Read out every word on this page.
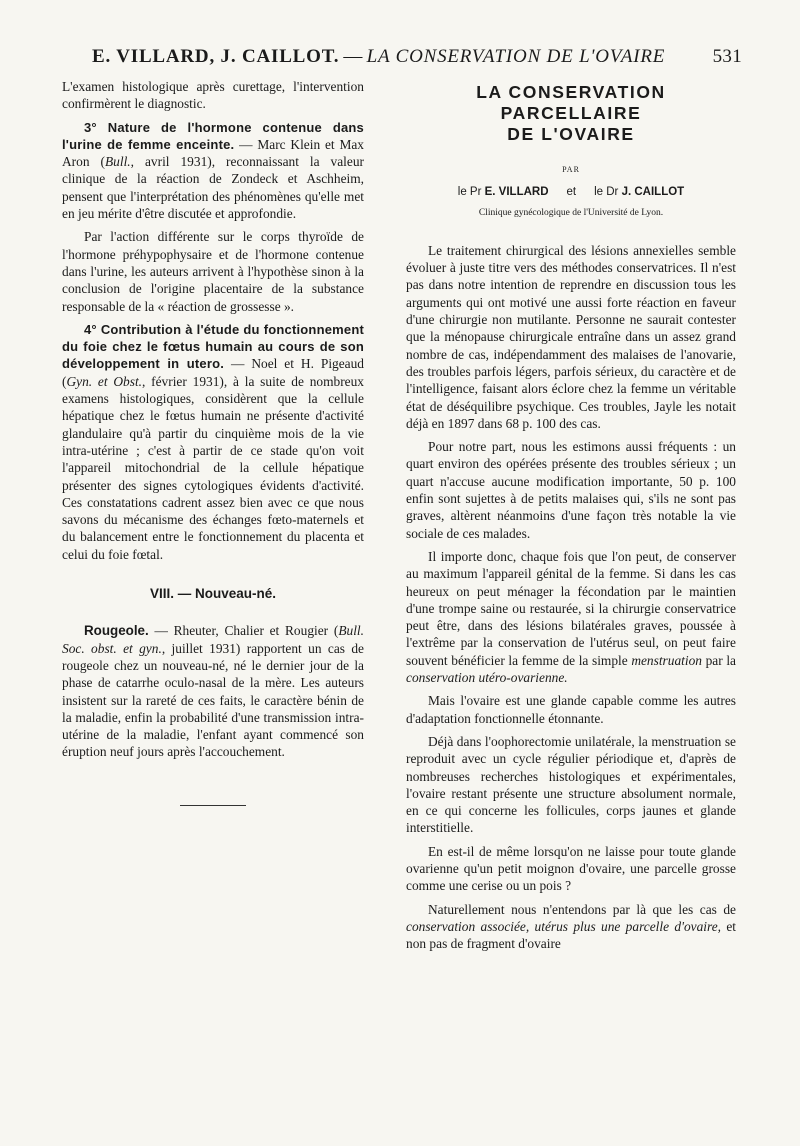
E. VILLARD, J. CAILLOT. — LA CONSERVATION DE L'OVAIRE 531

L'examen histologique après curettage, l'intervention confirmèrent le diagnostic.

3° Nature de l'hormone contenue dans l'urine de femme enceinte. — Marc Klein et Max Aron (Bull., avril 1931), reconnaissant la valeur clinique de la réaction de Zondeck et Aschheim, pensent que l'interprétation des phénomènes qu'elle met en jeu mérite d'être discutée et approfondie.

Par l'action différente sur le corps thyroïde de l'hormone préhypophysaire et de l'hormone contenue dans l'urine, les auteurs arrivent à l'hypothèse sinon à la conclusion de l'origine placentaire de la substance responsable de la « réaction de grossesse ».

4° Contribution à l'étude du fonctionnement du foie chez le fœtus humain au cours de son développement in utero. — Noel et H. Pigeaud (Gyn. et Obst., février 1931), à la suite de nombreux examens histologiques, considèrent que la cellule hépatique chez le fœtus humain ne présente d'activité glandulaire qu'à partir du cinquième mois de la vie intra-utérine ; c'est à partir de ce stade qu'on voit l'appareil mitochondrial de la cellule hépatique présenter des signes cytologiques évidents d'activité. Ces constatations cadrent assez bien avec ce que nous savons du mécanisme des échanges fœto-maternels et du balancement entre le fonctionnement du placenta et celui du foie fœtal.

VIII. — Nouveau-né.

Rougeole. — Rheuter, Chalier et Rougier (Bull. Soc. obst. et gyn., juillet 1931) rapportent un cas de rougeole chez un nouveau-né, né le dernier jour de la phase de catarrhe oculo-nasal de la mère. Les auteurs insistent sur la rareté de ces faits, le caractère bénin de la maladie, enfin la probabilité d'une transmission intra-utérine de la maladie, l'enfant ayant commencé son éruption neuf jours après l'accouchement.

LA CONSERVATION
PARCELLAIRE
DE L'OVAIRE
PAR
le Pr E. VILLARD et le Dr J. CAILLOT
Clinique gynécologique de l'Université de Lyon.

Le traitement chirurgical des lésions annexielles semble évoluer à juste titre vers des méthodes conservatrices. Il n'est pas dans notre intention de reprendre en discussion tous les arguments qui ont motivé une aussi forte réaction en faveur d'une chirurgie non mutilante. Personne ne saurait contester que la ménopause chirurgicale entraîne dans un assez grand nombre de cas, indépendamment des malaises de l'anovarie, des troubles parfois légers, parfois sérieux, du caractère et de l'intelligence, faisant alors éclore chez la femme un véritable état de déséquilibre psychique. Ces troubles, Jayle les notait déjà en 1897 dans 68 p. 100 des cas.

Pour notre part, nous les estimons aussi fréquents : un quart environ des opérées présente des troubles sérieux ; un quart n'accuse aucune modification importante, 50 p. 100 enfin sont sujettes à de petits malaises qui, s'ils ne sont pas graves, altèrent néanmoins d'une façon très notable la vie sociale de ces malades.

Il importe donc, chaque fois que l'on peut, de conserver au maximum l'appareil génital de la femme. Si dans les cas heureux on peut ménager la fécondation par le maintien d'une trompe saine ou restaurée, si la chirurgie conservatrice peut être, dans des lésions bilatérales graves, poussée à l'extrême par la conservation de l'utérus seul, on peut faire souvent bénéficier la femme de la simple menstruation par la conservation utéro-ovarienne.

Mais l'ovaire est une glande capable comme les autres d'adaptation fonctionnelle étonnante.

Déjà dans l'oophorectomie unilatérale, la menstruation se reproduit avec un cycle régulier périodique et, d'après de nombreuses recherches histologiques et expérimentales, l'ovaire restant présente une structure absolument normale, en ce qui concerne les follicules, corps jaunes et glande interstitielle.

En est-il de même lorsqu'on ne laisse pour toute glande ovarienne qu'un petit moignon d'ovaire, une parcelle grosse comme une cerise ou un pois ?

Naturellement nous n'entendons par là que les cas de conservation associée, utérus plus une parcelle d'ovaire, et non pas de fragment d'ovaire
